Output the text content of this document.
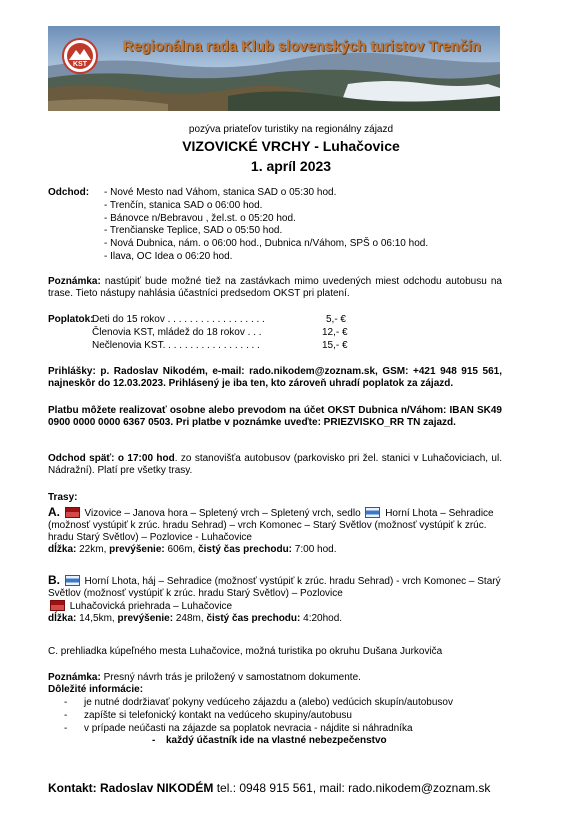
KST
Regionálna rada Klub slovenských turistov Trenčín
pozýva priateľov turistiky na regionálny zájazd
VIZOVICKÉ VRCHY - Luhačovice
1. apríl 2023
Odchod: - Nové Mesto nad Váhom, stanica SAD o 05:30 hod.
- Trenčín, stanica SAD o 06:00 hod.
- Bánovce n/Bebravou , žel.st. o 05:20 hod.
- Trenčianske Teplice, SAD o 05:50 hod.
- Nová Dubnica, nám. o 06:00 hod., Dubnica n/Váhom, SPŠ o 06:10 hod.
- Ilava, OC Idea o 06:20 hod.
Poznámka: nastúpiť bude možné tiež na zastávkach mimo uvedených miest odchodu autobusu na trase. Tieto nástupy nahlásia účastníci predsedom OKST pri platení.
Poplatok:
Deti do 15 rokov . . . . . . . . . . . . . . . . . .	5,- €
Členovia KST, mládež do 18 rokov . . .	12,- €
Nečlenovia KST. . . . . . . . . . . . . . . . . .	15,- €
Prihlášky: p. Radoslav Nikodém, e-mail: rado.nikodem@zoznam.sk, GSM: +421 948 915 561, najneskôr do 12.03.2023. Prihlásený je iba ten, kto zároveň uhradí poplatok za zájazd.
Platbu môžete realizovať osobne alebo prevodom na účet OKST Dubnica n/Váhom: IBAN SK49 0900 0000 0000 6367 0503. Pri platbe v poznámke uveďte: PRIEZVISKO_RR TN zajazd.
Odchod späť: o 17:00 hod. zo stanovišťa autobusov (parkovisko pri žel. stanici v Luhačoviciach, ul. Nádražní). Platí pre všetky trasy.
Trasy:
A.  Vizovice – Janova hora – Spletený vrch – Spletený vrch, sedlo  Horní Lhota – Sehradice (možnosť vystúpiť k zrúc. hradu Sehrad) – vrch Komonec – Starý Světlov (možnosť vystúpiť k zrúc. hradu Starý Světlov) – Pozlovice - Luhačovice
dĺžka: 22km, prevýšenie: 606m, čistý čas prechodu: 7:00 hod.
B.  Horní Lhota, háj – Sehradice (možnosť vystúpiť k zrúc. hradu Sehrad) - vrch Komonec – Starý Světlov (možnosť vystúpiť k zrúc. hradu Starý Světlov) – Pozlovice
Luhačovická priehrada – Luhačovice
dĺžka: 14,5km, prevýšenie: 248m, čistý čas prechodu: 4:20hod.
C. prehliadka kúpeľného mesta Luhačovice, možná turistika po okruhu Dušana Jurkoviča
Poznámka: Presný návrh trás je priložený v samostatnom dokumente.
Dôležité informácie:
- je nutné dodržiavať pokyny vedúceho zájazdu a (alebo) vedúcich skupín/autobusov
- zapíšte si telefonický kontakt na vedúceho skupiny/autobusu
- v prípade neúčasti na zájazde sa poplatok nevracia - nájdite si náhradníka
- každý účastník ide na vlastné nebezpečenstvo
Kontakt: Radoslav NIKODÉM tel.: 0948 915 561, mail: rado.nikodem@zoznam.sk
